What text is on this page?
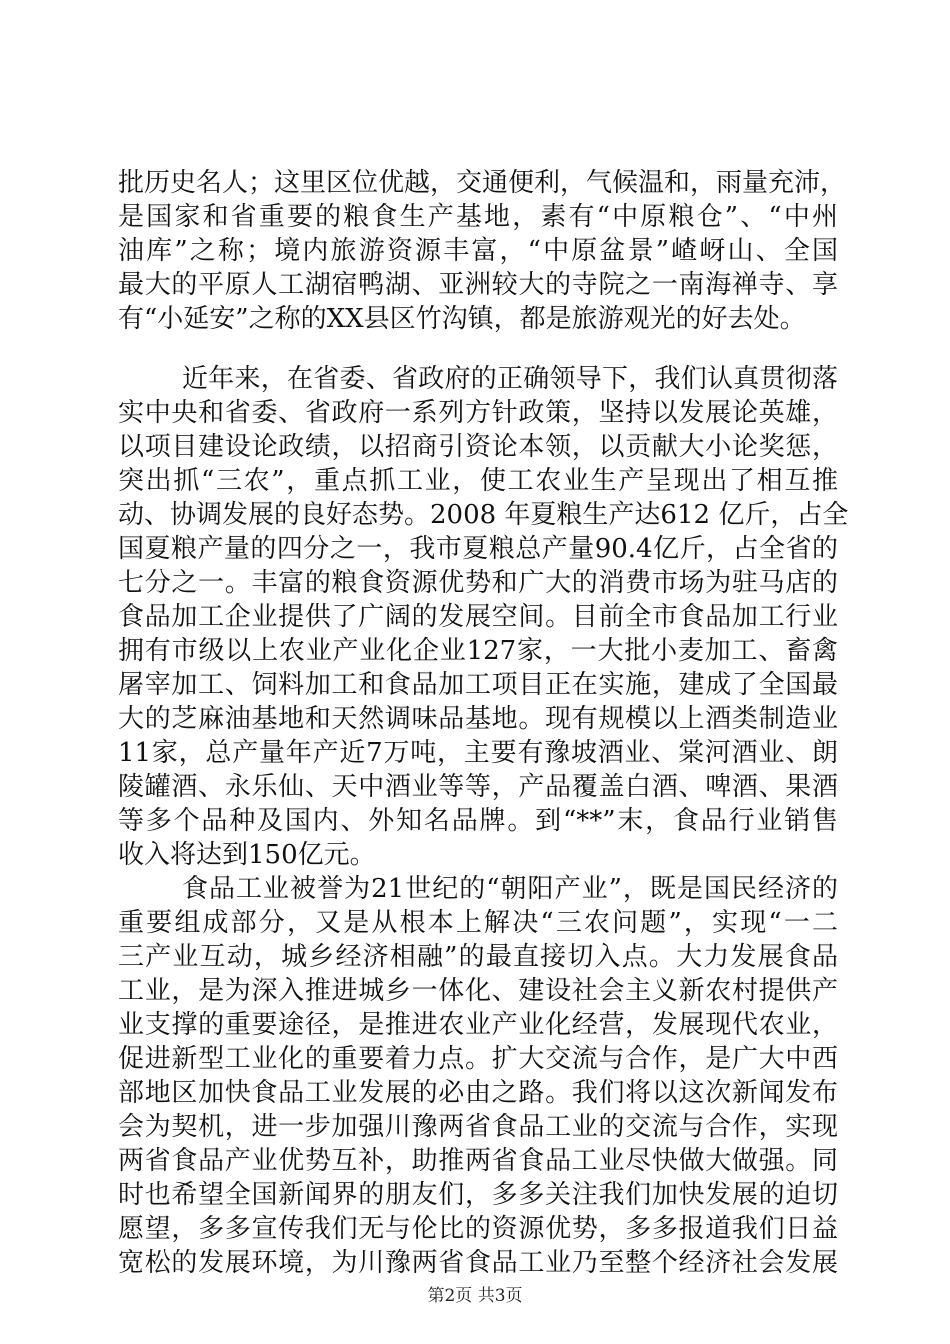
批历史名人；这里区位优越，交通便利，气候温和，雨量充沛，
是国家和省重要的粮食生产基地，素有“中原粮仓”、“中州
油库”之称；境内旅游资源丰富，“中原盆景”嵖岈山、全国
最大的平原人工湖宿鸭湖、亚洲较大的寺院之一南海禅寺、享
有“小延安”之称的XX县区竹沟镇，都是旅游观光的好去处。
近年来，在省委、省政府的正确领导下，我们认真贯彻落
实中央和省委、省政府一系列方针政策，坚持以发展论英雄，
以项目建设论政绩，以招商引资论本领，以贡献大小论奖惩，
突出抓“三农”，重点抓工业，使工农业生产呈现出了相互推
动、协调发展的良好态势。2008 年夏粮生产达612 亿斤，占全
国夏粮产量的四分之一，我市夏粮总产量90.4亿斤，占全省的
七分之一。丰富的粮食资源优势和广大的消费市场为驻马店的
食品加工企业提供了广阔的发展空间。目前全市食品加工行业
拥有市级以上农业产业化企业127家，一大批小麦加工、畜禽
屠宰加工、饲料加工和食品加工项目正在实施，建成了全国最
大的芝麻油基地和天然调味品基地。现有规模以上酒类制造业
11家，总产量年产近7万吨，主要有豫坡酒业、棠河酒业、朗
陵罐酒、永乐仙、天中酒业等等，产品覆盖白酒、啤酒、果酒
等多个品种及国内、外知名品牌。到“**”末，食品行业销售
收入将达到150亿元。
食品工业被誉为21世纪的“朝阳产业”，既是国民经济的
重要组成部分，又是从根本上解决“三农问题”，实现“一二
三产业互动，城乡经济相融”的最直接切入点。大力发展食品
工业，是为深入推进城乡一体化、建设社会主义新农村提供产
业支撑的重要途径，是推进农业产业化经营，发展现代农业，
促进新型工业化的重要着力点。扩大交流与合作，是广大中西
部地区加快食品工业发展的必由之路。我们将以这次新闻发布
会为契机，进一步加强川豫两省食品工业的交流与合作，实现
两省食品产业优势互补，助推两省食品工业尽快做大做强。同
时也希望全国新闻界的朋友们，多多关注我们加快发展的迫切
愿望，多多宣传我们无与伦比的资源优势，多多报道我们日益
宽松的发展环境，为川豫两省食品工业乃至整个经济社会发展
第2页 共3页
